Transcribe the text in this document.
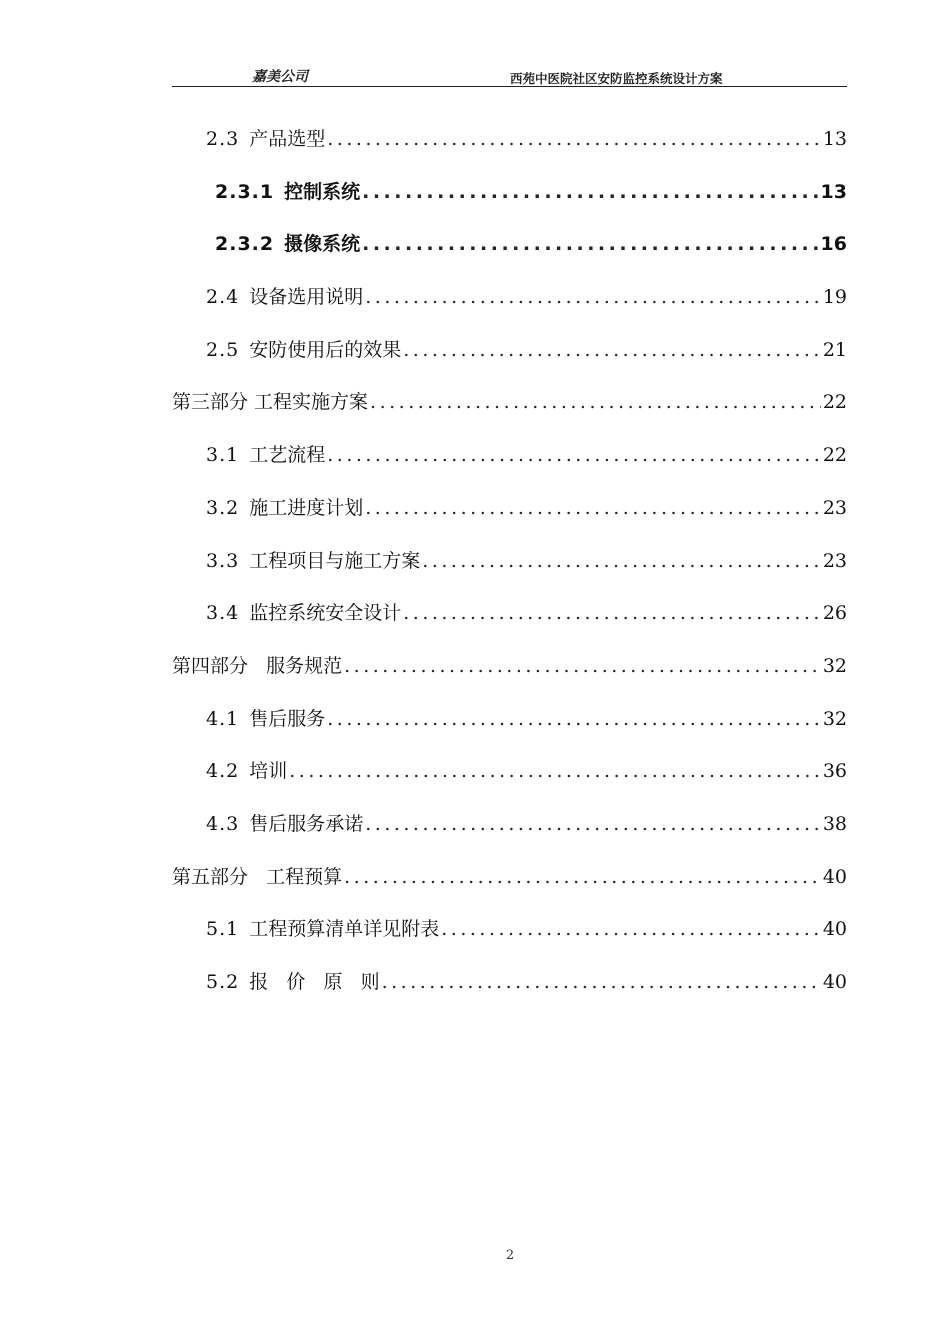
嘉美公司	西苑中医院社区安防监控系统设计方案
2.3 产品选型 .....	13
2.3.1 控制系统 .....	13
2.3.2 摄像系统 .....	16
2.4 设备选用说明 .....	19
2.5 安防使用后的效果 .....	21
第三部分 工程实施方案 .....	22
3.1 工艺流程 .....	22
3.2 施工进度计划 .....	23
3.3 工程项目与施工方案 .....	23
3.4 监控系统安全设计 .....	26
第四部分   服务规范 .....	32
4.1 售后服务 .....	32
4.2 培训 .....	36
4.3 售后服务承诺 .....	38
第五部分   工程预算 .....	40
5.1 工程预算清单详见附表 .....	40
5.2 报   价   原   则 .....	40
2
